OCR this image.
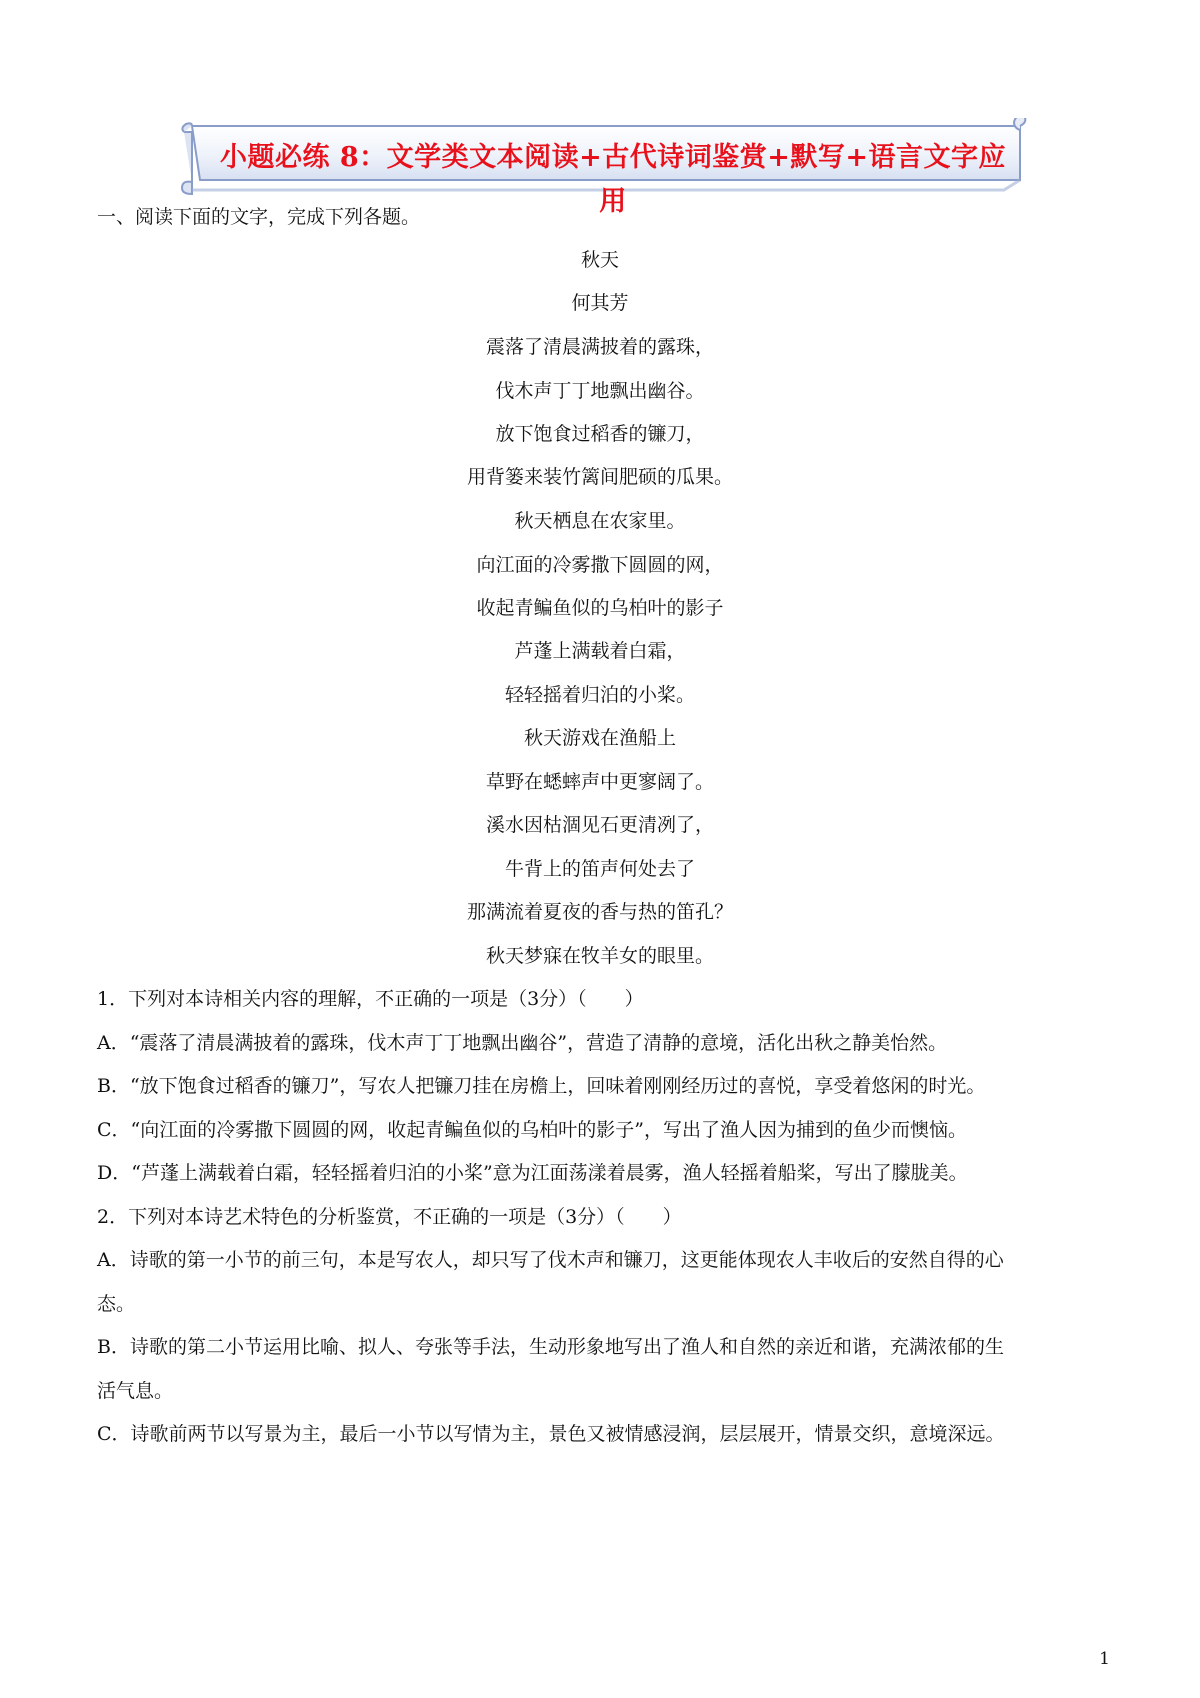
小题必练 8：文学类文本阅读+古代诗词鉴赏+默写+语言文字应用
一、阅读下面的文字，完成下列各题。
秋天
何其芳
震落了清晨满披着的露珠，
伐木声丁丁地飘出幽谷。
放下饱食过稻香的镰刀，
用背篓来装竹篱间肥硕的瓜果。
秋天栖息在农家里。
向江面的冷雾撒下圆圆的网，
收起青鳊鱼似的乌柏叶的影子
芦蓬上满载着白霜，
轻轻摇着归泊的小桨。
秋天游戏在渔船上
草野在蟋蟀声中更寥阔了。
溪水因枯涸见石更清冽了，
牛背上的笛声何处去了
那满流着夏夜的香与热的笛孔？
秋天梦寐在牧羊女的眼里。
1．下列对本诗相关内容的理解，不正确的一项是（3分）（　　）
A．“震落了清晨满披着的露珠，伐木声丁丁地飘出幽谷”，营造了清静的意境，活化出秋之静美怡然。
B．“放下饱食过稻香的镰刀”，写农人把镰刀挂在房檐上，回味着刚刚经历过的喜悦，享受着悠闲的时光。
C．“向江面的冷雾撒下圆圆的网，收起青鳊鱼似的乌柏叶的影子”，写出了渔人因为捕到的鱼少而懊恼。
D．“芦蓬上满载着白霜，轻轻摇着归泊的小桨”意为江面荡漾着晨雾，渔人轻摇着船桨，写出了朦胧美。
2．下列对本诗艺术特色的分析鉴赏，不正确的一项是（3分）（　　）
A．诗歌的第一小节的前三句，本是写农人，却只写了伐木声和镰刀，这更能体现农人丰收后的安然自得的心
态。
B．诗歌的第二小节运用比喻、拟人、夸张等手法，生动形象地写出了渔人和自然的亲近和谐，充满浓郁的生
活气息。
C．诗歌前两节以写景为主，最后一小节以写情为主，景色又被情感浸润，层层展开，情景交织，意境深远。
1
